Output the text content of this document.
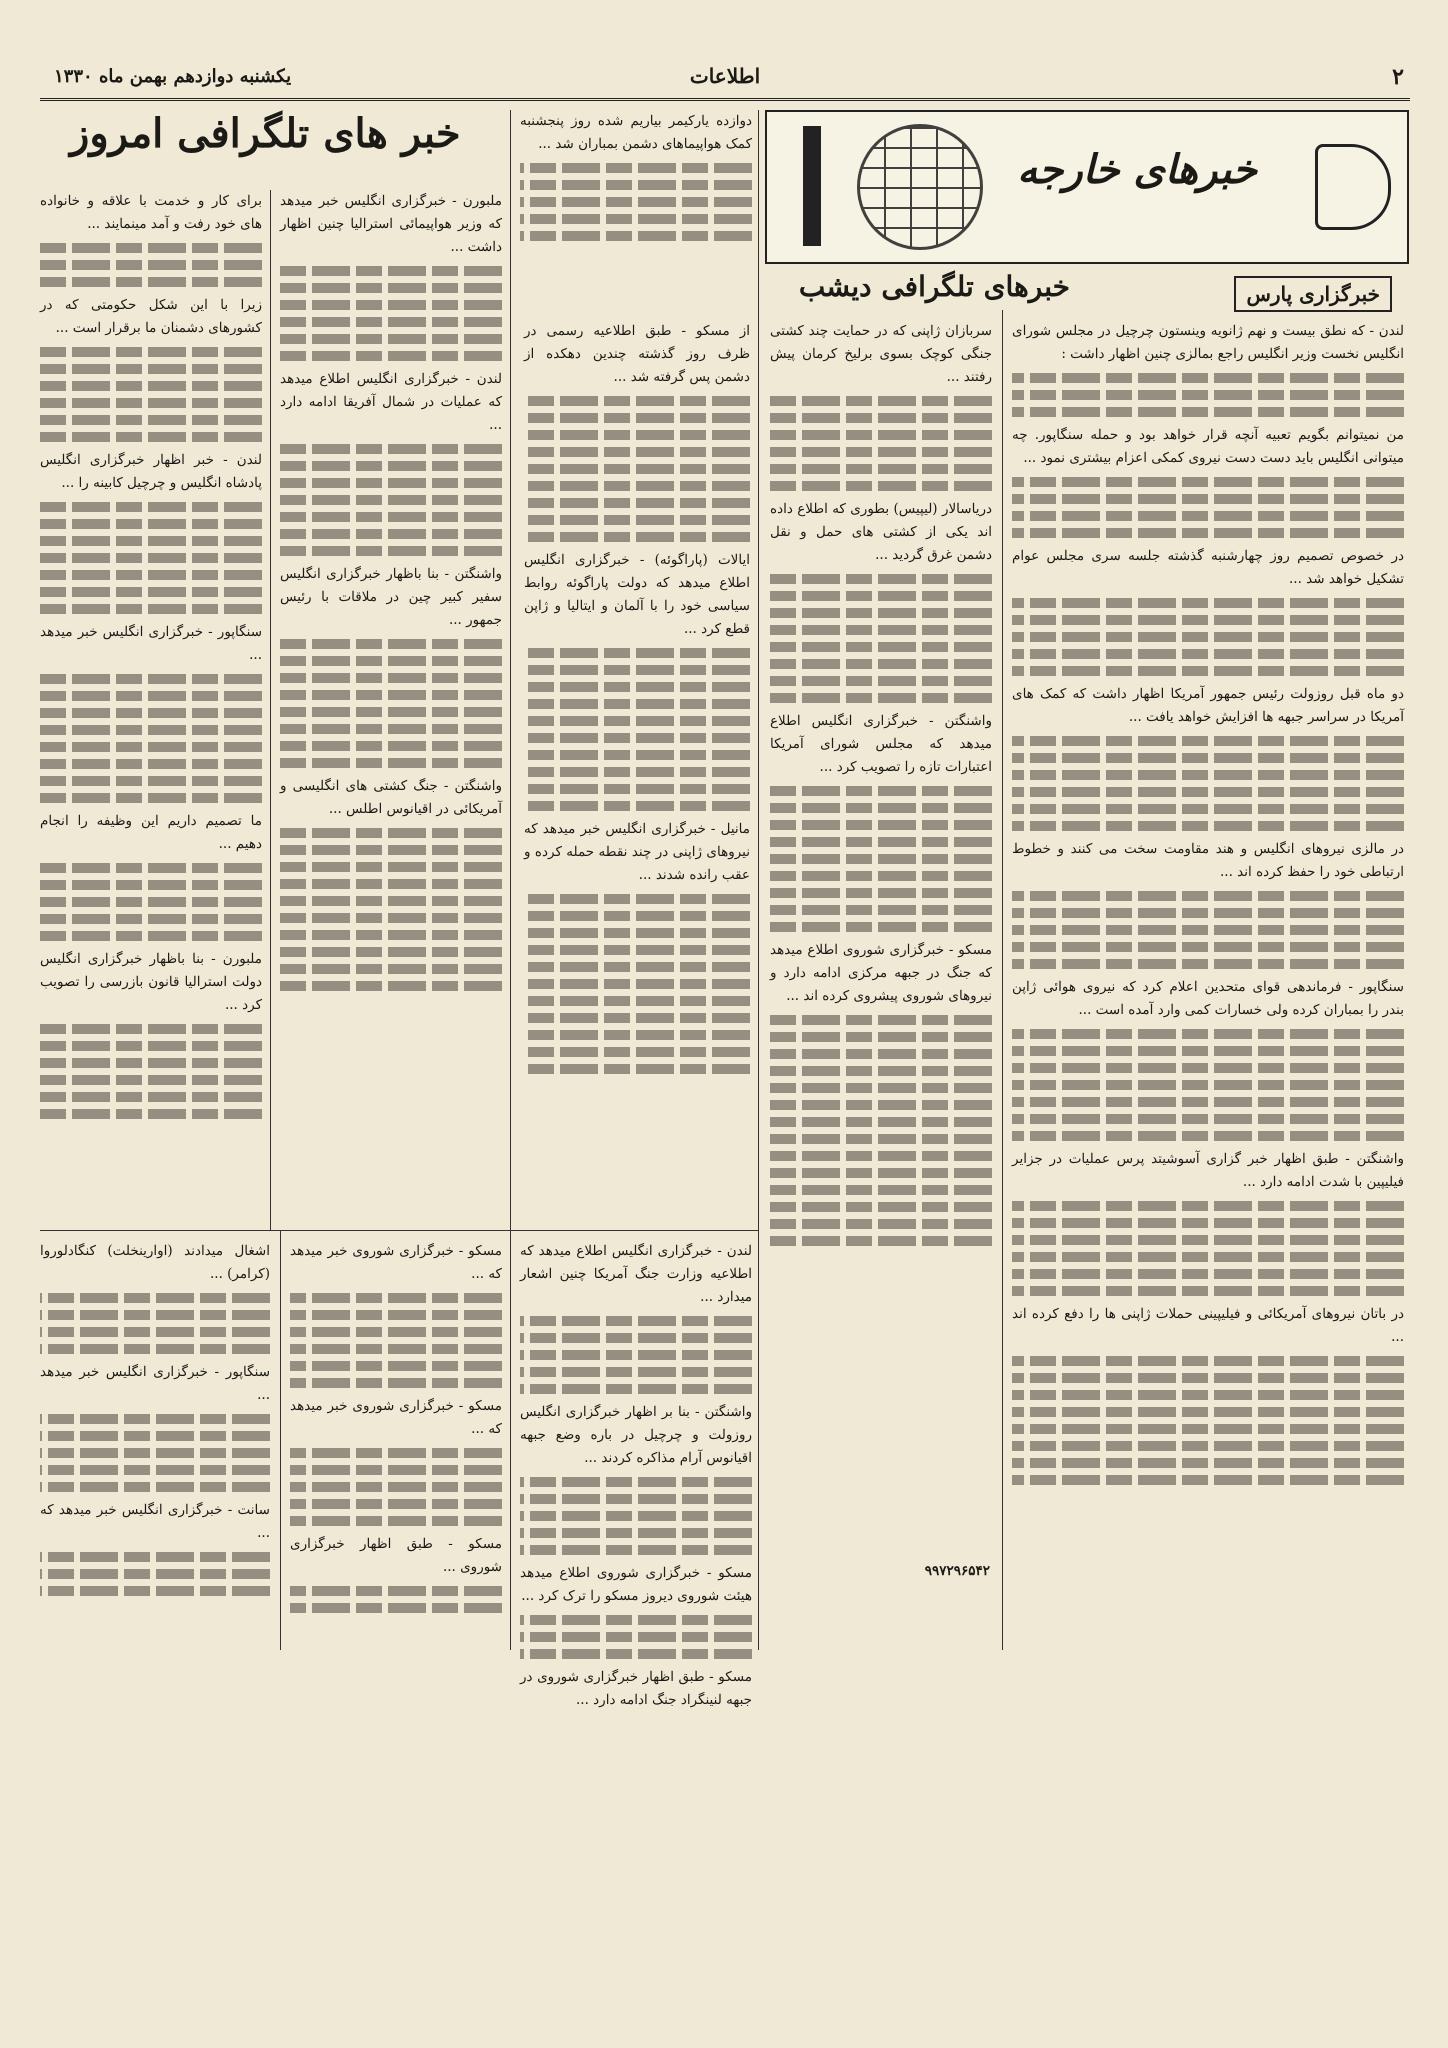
۲
اطلاعات
یکشنبه دوازدهم بهمن ماه ۱۳۳۰
خبرهای خارجه
خبرگزاری پارس
خبرهای تلگرافی دیشب
خبر های تلگرافی امروز

لندن - که نطق بیست و نهم ژانویه وینستون چرچیل در مجلس شورای انگلیس نخست وزیر انگلیس راجع بمالزی چنین اظهار داشت :

من نمیتوانم بگویم تعبیه آنچه قرار خواهد بود و حمله سنگاپور. چه میتوانی انگلیس باید دست دست نیروی کمکی اعزام بیشتری نمود ...

در خصوص تصمیم روز چهارشنبه گذشته جلسه سری مجلس عوام تشکیل خواهد شد ...

دو ماه قبل روزولت رئیس جمهور آمریکا اظهار داشت که کمک های آمریکا در سراسر جبهه ها افزایش خواهد یافت ...

در مالزی نیروهای انگلیس و هند مقاومت سخت می کنند و خطوط ارتباطی خود را حفظ کرده اند ...

سنگاپور - فرماندهی قوای متحدین اعلام کرد که نیروی هوائی ژاپن بندر را بمباران کرده ولی خسارات کمی وارد آمده است ...

واشنگتن - طبق اظهار خبر گزاری آسوشیتد پرس عملیات در جزایر فیلیپین با شدت ادامه دارد ...

در باتان نیروهای آمریکائی و فیلیپینی حملات ژاپنی ها را دفع کرده اند ...

سربازان ژاپنی که در حمایت چند کشتی جنگی کوچک بسوی برلیخ کرمان پیش رفتند ...

دریاسالار (لیپیس) بطوری که اطلاع داده اند یکی از کشتی های حمل و نقل دشمن غرق گردید ...

واشنگتن - خبرگزاری انگلیس اطلاع میدهد که مجلس شورای آمریکا اعتبارات تازه را تصویب کرد ...

مسکو - خبرگزاری شوروی اطلاع میدهد که جنگ در جبهه مرکزی ادامه دارد و نیروهای شوروی پیشروی کرده اند ...

از مسکو - طبق اطلاعیه رسمی در ظرف روز گذشته چندین دهکده از دشمن پس گرفته شد ...

ایالات (پاراگوئه) - خبرگزاری انگلیس اطلاع میدهد که دولت پاراگوئه روابط سیاسی خود را با آلمان و ایتالیا و ژاپن قطع کرد ...

مانیل - خبرگزاری انگلیس خبر میدهد که نیروهای ژاپنی در چند نقطه حمله کرده و عقب رانده شدند ...

دوازده یارکیمر بیاریم شده روز پنجشنبه کمک هواپیماهای دشمن بمباران شد ...

ملبورن - خبرگزاری انگلیس خبر میدهد که وزیر هواپیمائی استرالیا چنین اظهار داشت ...

لندن - خبرگزاری انگلیس اطلاع میدهد که عملیات در شمال آفریقا ادامه دارد ...

واشنگتن - بنا باظهار خبرگزاری انگلیس سفیر کبیر چین در ملاقات با رئیس جمهور ...

واشنگتن - جنگ کشتی های انگلیسی و آمریکائی در اقیانوس اطلس ...

برای کار و خدمت با علاقه و خانواده های خود رفت و آمد مینمایند ...

زیرا با این شکل حکومتی که در کشورهای دشمنان ما برقرار است ...

لندن - خبر اظهار خبرگزاری انگلیس پادشاه انگلیس و چرچیل کابینه را ...

سنگاپور - خبرگزاری انگلیس خبر میدهد ...

ما تصمیم داریم این وظیفه را انجام دهیم ...

ملبورن - بنا باظهار خبرگزاری انگلیس دولت استرالیا قانون بازرسی را تصویب کرد ...

لندن - خبرگزاری انگلیس اطلاع میدهد که اطلاعیه وزارت جنگ آمریکا چنین اشعار میدارد ...

واشنگتن - بنا بر اظهار خبرگزاری انگلیس روزولت و چرچیل در باره وضع جبهه اقیانوس آرام مذاکره کردند ...

مسکو - خبرگزاری شوروی اطلاع میدهد هیئت شوروی دیروز مسکو را ترک کرد ...

مسکو - طبق اظهار خبرگزاری شوروی در جبهه لنینگراد جنگ ادامه دارد ...

مسکو - خبرگزاری شوروی خبر میدهد که ...

مسکو - خبرگزاری شوروی خبر میدهد که ...

مسکو - طبق اظهار خبرگزاری شوروی ...

اشغال میدادند (اوارینخلت) کنگادلوروا (کرامر) ...

سنگاپور - خبرگزاری انگلیس خبر میدهد ...

سانت - خبرگزاری انگلیس خبر میدهد که ...

۹۹۷۲۹۶۵۴۲
